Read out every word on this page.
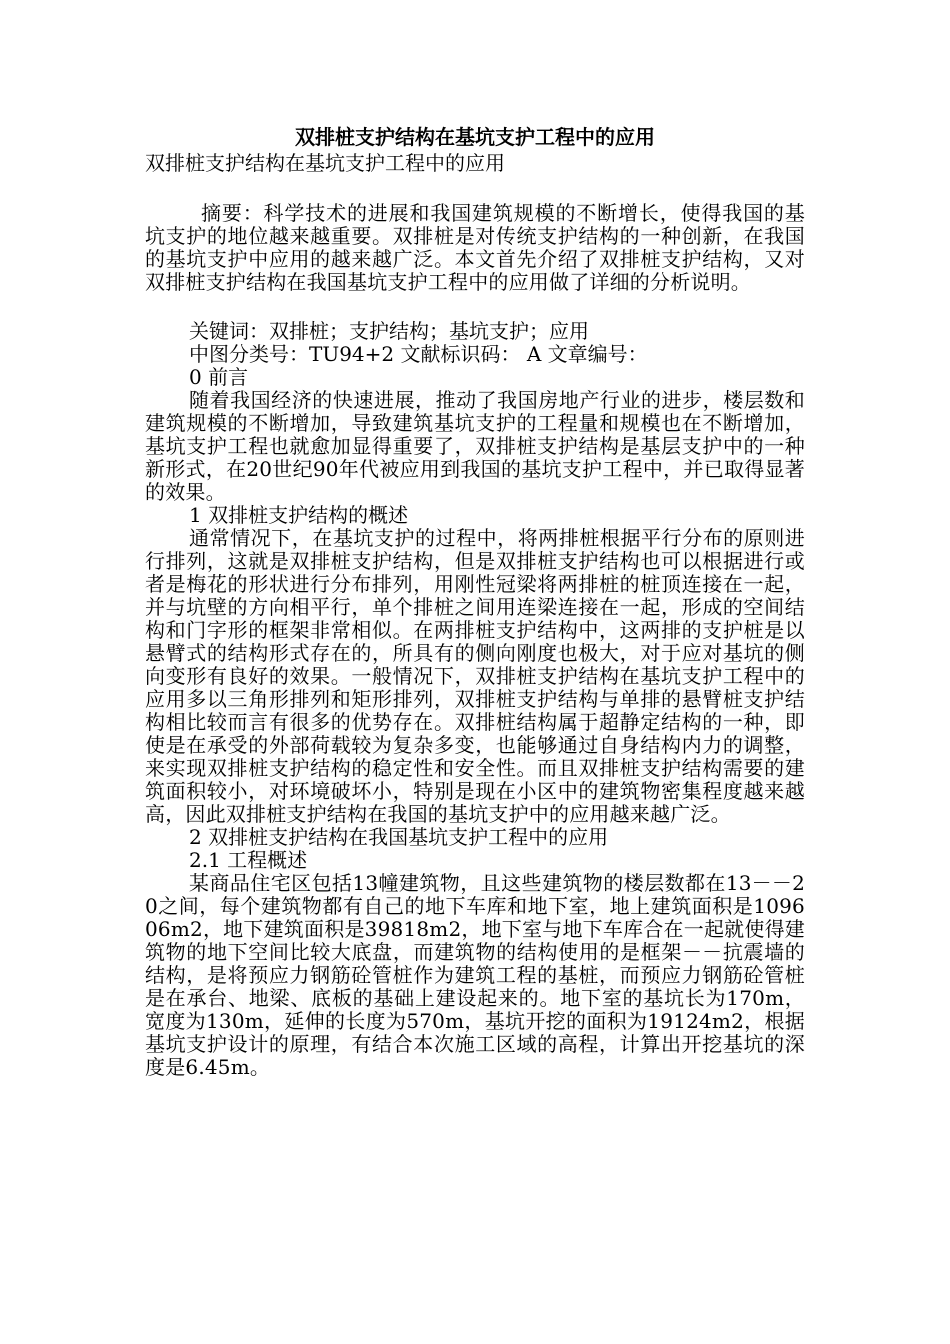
双排桩支护结构在基坑支护工程中的应用

双排桩支护结构在基坑支护工程中的应用

摘要：科学技术的进展和我国建筑规模的不断增长，使得我国的基坑支护的地位越来越重要。双排桩是对传统支护结构的一种创新，在我国的基坑支护中应用的越来越广泛。本文首先介绍了双排桩支护结构，又对双排桩支护结构在我国基坑支护工程中的应用做了详细的分析说明。

关键词：双排桩；支护结构；基坑支护；应用

中图分类号：TU94+2 文献标识码： A 文章编号：

0 前言

随着我国经济的快速进展，推动了我国房地产行业的进步，楼层数和建筑规模的不断增加，导致建筑基坑支护的工程量和规模也在不断增加，基坑支护工程也就愈加显得重要了，双排桩支护结构是基层支护中的一种新形式，在20世纪90年代被应用到我国的基坑支护工程中，并已取得显著的效果。

1 双排桩支护结构的概述

通常情况下，在基坑支护的过程中，将两排桩根据平行分布的原则进行排列，这就是双排桩支护结构，但是双排桩支护结构也可以根据进行或者是梅花的形状进行分布排列，用刚性冠梁将两排桩的桩顶连接在一起，并与坑壁的方向相平行，单个排桩之间用连梁连接在一起，形成的空间结构和门字形的框架非常相似。在两排桩支护结构中，这两排的支护桩是以悬臂式的结构形式存在的，所具有的侧向刚度也极大，对于应对基坑的侧向变形有良好的效果。一般情况下，双排桩支护结构在基坑支护工程中的应用多以三角形排列和矩形排列，双排桩支护结构与单排的悬臂桩支护结构相比较而言有很多的优势存在。双排桩结构属于超静定结构的一种，即使是在承受的外部荷载较为复杂多变，也能够通过自身结构内力的调整，来实现双排桩支护结构的稳定性和安全性。而且双排桩支护结构需要的建筑面积较小，对环境破坏小，特别是现在小区中的建筑物密集程度越来越高，因此双排桩支护结构在我国的基坑支护中的应用越来越广泛。

2 双排桩支护结构在我国基坑支护工程中的应用

2.1 工程概述

某商品住宅区包括13幢建筑物，且这些建筑物的楼层数都在13－－20之间，每个建筑物都有自己的地下车库和地下室，地上建筑面积是109606m2，地下建筑面积是39818m2，地下室与地下车库合在一起就使得建筑物的地下空间比较大底盘，而建筑物的结构使用的是框架－－抗震墙的结构，是将预应力钢筋砼管桩作为建筑工程的基桩，而预应力钢筋砼管桩是在承台、地梁、底板的基础上建设起来的。地下室的基坑长为170m，宽度为130m，延伸的长度为570m，基坑开挖的面积为19124m2，根据基坑支护设计的原理，有结合本次施工区域的高程，计算出开挖基坑的深度是6.45m。
